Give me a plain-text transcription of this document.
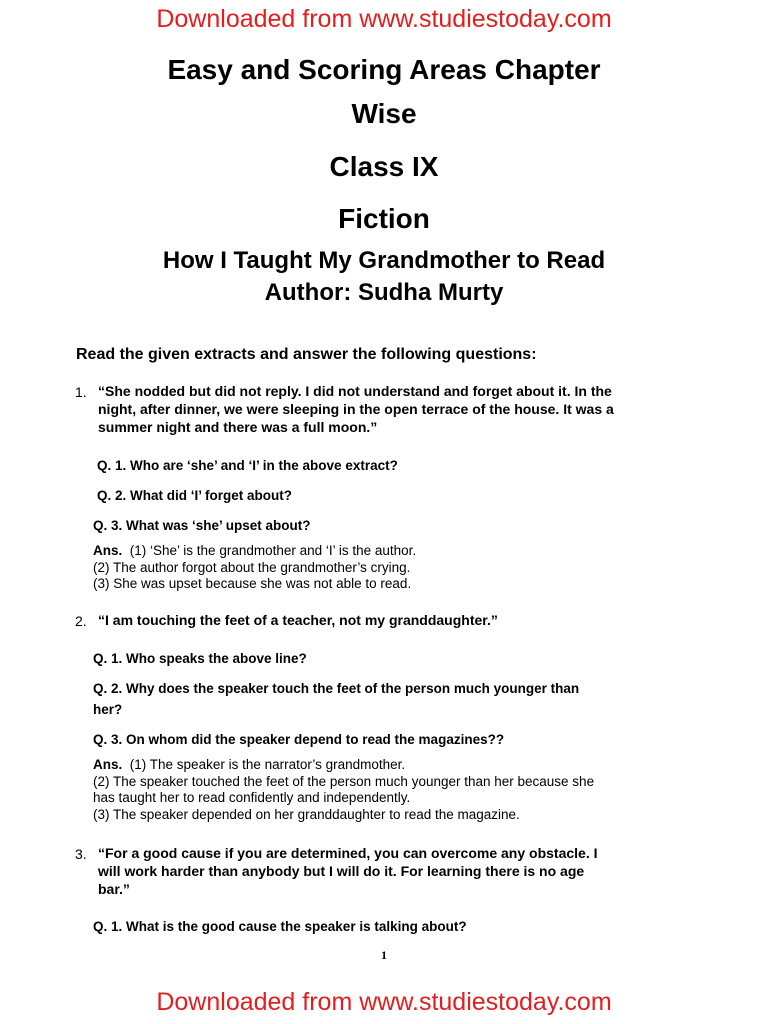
Downloaded from www.studiestoday.com
Easy and Scoring Areas Chapter
Wise
Class IX
Fiction
How I Taught My Grandmother to Read
Author: Sudha Murty
Read the given extracts and answer the following questions:
1. “She nodded but did not reply. I did not understand and forget about it. In the
night, after dinner, we were sleeping in the open terrace of the house. It was a
summer night and there was a full moon.”
Q. 1. Who are ‘she’ and ‘I’ in the above extract?
Q. 2. What did ‘I’ forget about?
Q. 3. What was ‘she’ upset about?
Ans. (1) ‘She’ is the grandmother and ‘I’ is the author.
(2) The author forgot about the grandmother’s crying.
(3) She was upset because she was not able to read.
2. “I am touching the feet of a teacher, not my granddaughter.”
Q. 1. Who speaks the above line?
Q. 2. Why does the speaker touch the feet of the person much younger than
her?
Q. 3. On whom did the speaker depend to read the magazines??
Ans. (1) The speaker is the narrator’s grandmother.
(2) The speaker touched the feet of the person much younger than her because she
has taught her to read confidently and independently.
(3) The speaker depended on her granddaughter to read the magazine.
3. “For a good cause if you are determined, you can overcome any obstacle. I
will work harder than anybody but I will do it. For learning there is no age
bar.”
Q. 1. What is the good cause the speaker is talking about?
1
Downloaded from www.studiestoday.com
